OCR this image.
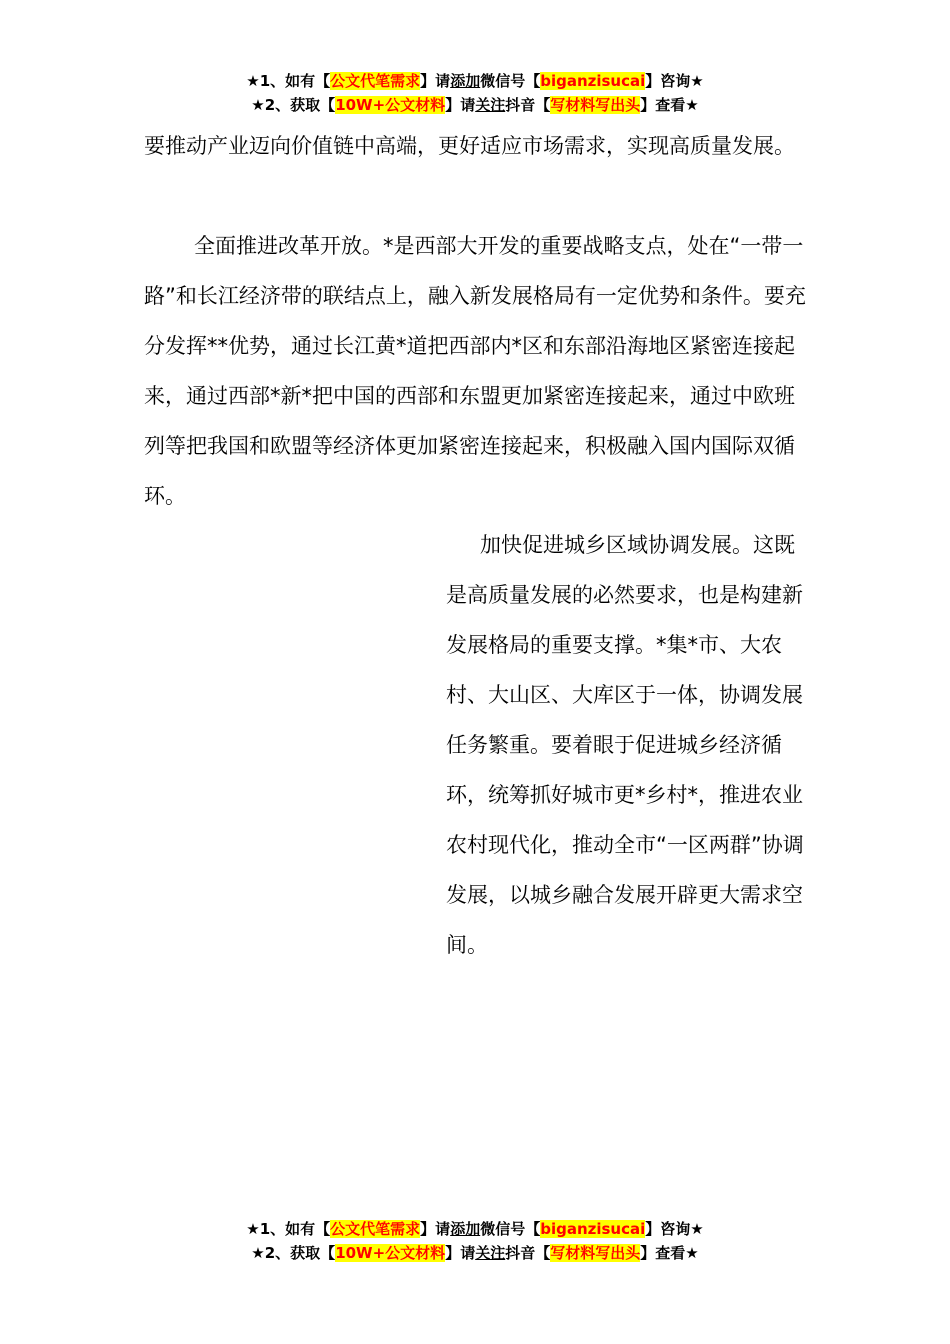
★1、如有【公文代笔需求】请添加微信号【biganzisucai】咨询★
★2、获取【10W+公文材料】请关注抖音【写材料写出头】查看★

要推动产业迈向价值链中高端，更好适应市场需求，实现高质量发展。

全面推进改革开放。*是西部大开发的重要战略支点，处在“一带一路”和长江经济带的联结点上，融入新发展格局有一定优势和条件。要充分发挥**优势，通过长江黄*道把西部内*区和东部沿海地区紧密连接起来，通过西部*新*把中国的西部和东盟更加紧密连接起来，通过中欧班列等把我国和欧盟等经济体更加紧密连接起来，积极融入国内国际双循环。

加快促进城乡区域协调发展。这既是高质量发展的必然要求，也是构建新发展格局的重要支撑。*集*市、大农村、大山区、大库区于一体，协调发展任务繁重。要着眼于促进城乡经济循环，统筹抓好城市更*乡村*，推进农业农村现代化，推动全市“一区两群”协调发展，以城乡融合发展开辟更大需求空间。

★1、如有【公文代笔需求】请添加微信号【biganzisucai】咨询★
★2、获取【10W+公文材料】请关注抖音【写材料写出头】查看★
